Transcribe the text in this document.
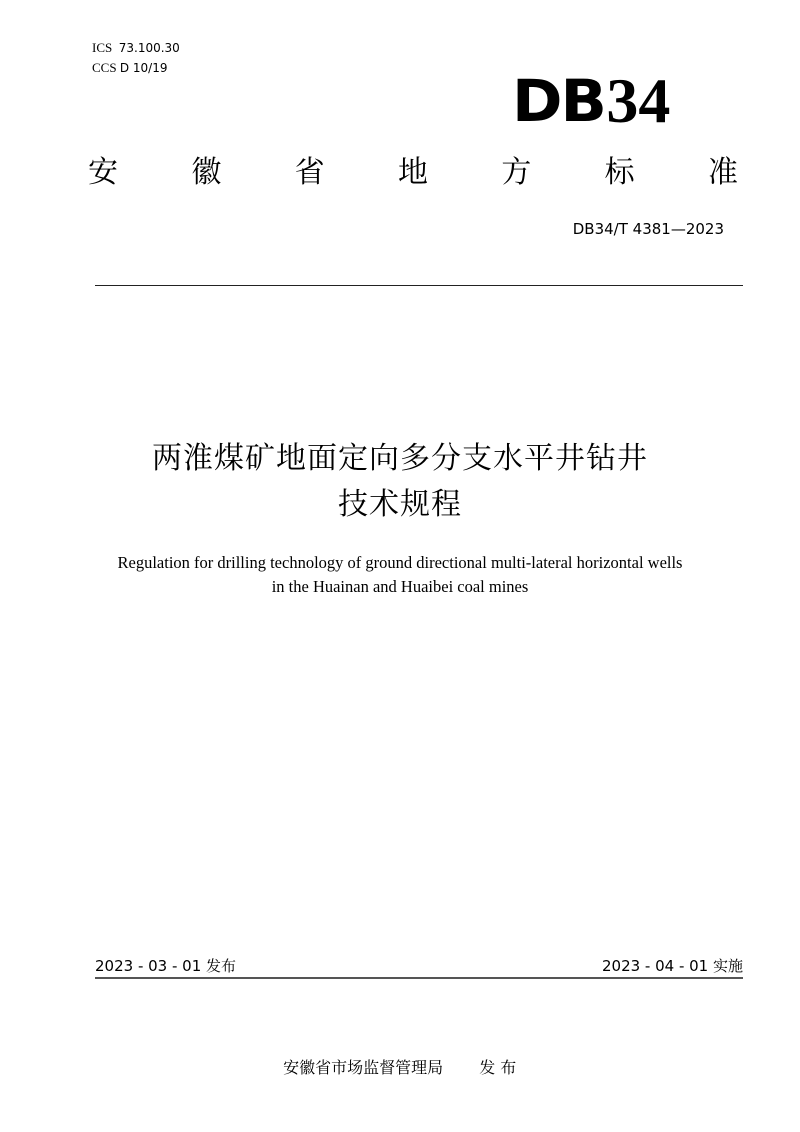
ICS 73.100.30
CCS D 10/19	DB 34
安 徽 省 地 方 标 准
DB34/T 4381—2023
两淮煤矿地面定向多分支水平井钻井
技术规程
Regulation for drilling technology of ground directional multi-lateral horizontal wells
in the Huainan and Huaibei coal mines
2023 - 03 - 01 发布	2023 - 04 - 01 实施

安徽省市场监督管理局 发 布
